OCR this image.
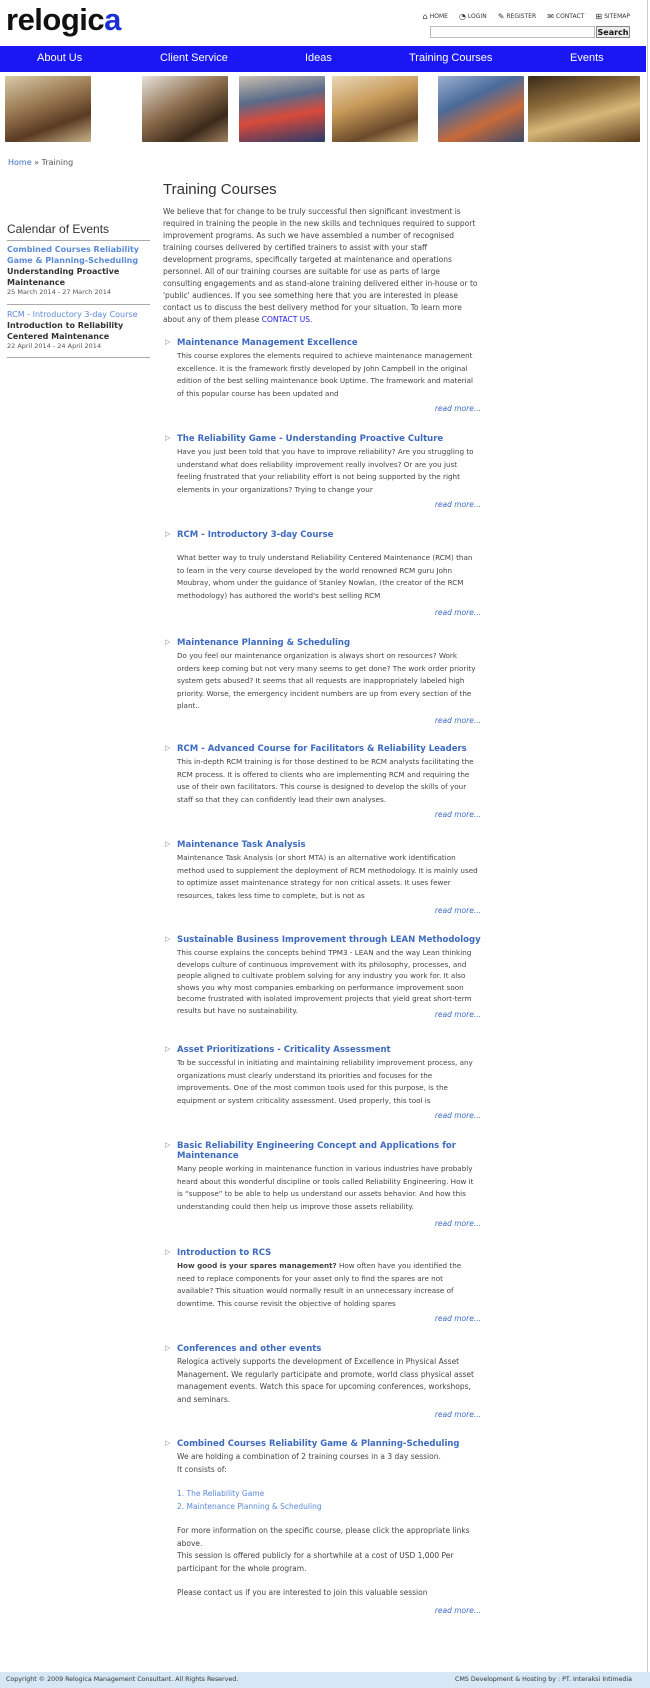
relogica	⌂ HOME ◔ LOGIN ✎ REGISTER ✉ CONTACT ⊞ SITEMAP
Search
About Us	Client Service	Ideas	Training Courses	Events
Home » Training
Calendar of Events
Combined Courses Reliability Game & Planning-Scheduling
Understanding Proactive Maintenance
25 March 2014 - 27 March 2014
RCM - Introductory 3-day Course
Introduction to Reliability Centered Maintenance
22 April 2014 - 24 April 2014
Training Courses
We believe that for change to be truly successful then significant investment is required in training the people in the new skills and techniques required to support improvement programs. As such we have assembled a number of recognised training courses delivered by certified trainers to assist with your staff development programs, specifically targeted at maintenance and operations personnel. All of our training courses are suitable for use as parts of large consulting engagements and as stand-alone training delivered either in-house or to 'public' audiences. If you see something here that you are interested in please contact us to discuss the best delivery method for your situation. To learn more about any of them please CONTACT US.
▷ Maintenance Management Excellence
This course explores the elements required to achieve maintenance management excellence. It is the framework firstly developed by John Campbell in the original edition of the best selling maintenance book Uptime. The framework and material of this popular course has been updated and
read more...
▷ The Reliability Game - Understanding Proactive Culture
Have you just been told that you have to improve reliability? Are you struggling to understand what does reliability improvement really involves? Or are you just feeling frustrated that your reliability effort is not being supported by the right elements in your organizations? Trying to change your
read more...
▷ RCM - Introductory 3-day Course
What better way to truly understand Reliability Centered Maintenance (RCM) than to learn in the very course developed by the world renowned RCM guru John Moubray, whom under the guidance of Stanley Nowlan, (the creator of the RCM methodology) has authored the world's best selling RCM
read more...
▷ Maintenance Planning & Scheduling
Do you feel our maintenance organization is always short on resources? Work orders keep coming but not very many seems to get done? The work order priority system gets abused? It seems that all requests are inappropriately labeled high priority. Worse, the emergency incident numbers are up from every section of the plant..
read more...
▷ RCM - Advanced Course for Facilitators & Reliability Leaders
This in-depth RCM training is for those destined to be RCM analysts facilitating the RCM process. It is offered to clients who are implementing RCM and requiring the use of their own facilitators. This course is designed to develop the skills of your staff so that they can confidently lead their own analyses.
read more...
▷ Maintenance Task Analysis
Maintenance Task Analysis (or short MTA) is an alternative work identification method used to supplement the deployment of RCM methodology. It is mainly used to optimize asset maintenance strategy for non critical assets. It uses fewer resources, takes less time to complete, but is not as
read more...
▷ Sustainable Business Improvement through LEAN Methodology
This course explains the concepts behind TPM3 - LEAN and the way Lean thinking develops culture of continuous improvement with its philosophy, processes, and people aligned to cultivate problem solving for any industry you work for. It also shows you why most companies embarking on performance improvement soon become frustrated with isolated improvement projects that yield great short-term results but have no sustainability.	read more...
▷ Asset Prioritizations - Criticality Assessment
To be successful in initiating and maintaining reliability improvement process, any organizations must clearly understand its priorities and focuses for the improvements. One of the most common tools used for this purpose, is the equipment or system criticality assessment. Used properly, this tool is
read more...
▷ Basic Reliability Engineering Concept and Applications for Maintenance
Many people working in maintenance function in various industries have probably heard about this wonderful discipline or tools called Reliability Engineering. How it is “suppose” to be able to help us understand our assets behavior. And how this understanding could then help us improve those assets reliability.
read more...
▷ Introduction to RCS
How good is your spares management? How often have you identified the need to replace components for your asset only to find the spares are not available? This situation would normally result in an unnecessary increase of downtime. This course revisit the objective of holding spares
read more...
▷ Conferences and other events
Relogica actively supports the development of Excellence in Physical Asset Management. We regularly participate and promote, world class physical asset management events. Watch this space for upcoming conferences, workshops, and seminars.
read more...
▷ Combined Courses Reliability Game & Planning-Scheduling
We are holding a combination of 2 training courses in a 3 day session.
It consists of:
1. The Reliability Game
2. Maintenance Planning & Scheduling
For more information on the specific course, please click the appropriate links above.
This session is offered publicly for a shortwhile at a cost of USD 1,000 Per participant for the whole program.
Please contact us if you are interested to join this valuable session
read more...
Copyright © 2009 Relogica Management Consultant. All Rights Reserved.	CMS Development & Hosting by : PT. Interaksi Intimedia
